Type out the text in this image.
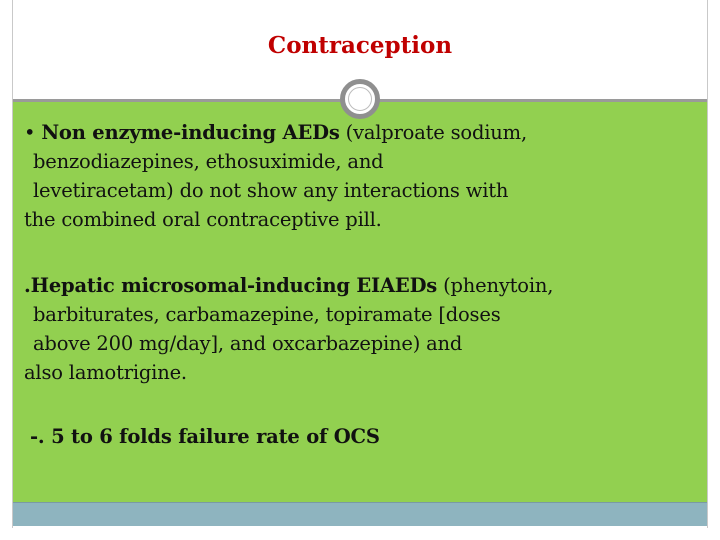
Contraception
• Non enzyme-inducing AEDs (valproate sodium,
benzodiazepines, ethosuximide, and
levetiracetam) do not show any interactions with
the combined oral contraceptive pill.
.Hepatic microsomal-inducing EIAEDs (phenytoin,
barbiturates, carbamazepine, topiramate [doses
above 200 mg/day], and oxcarbazepine) and
also lamotrigine.
-. 5 to 6 folds failure rate of OCS
